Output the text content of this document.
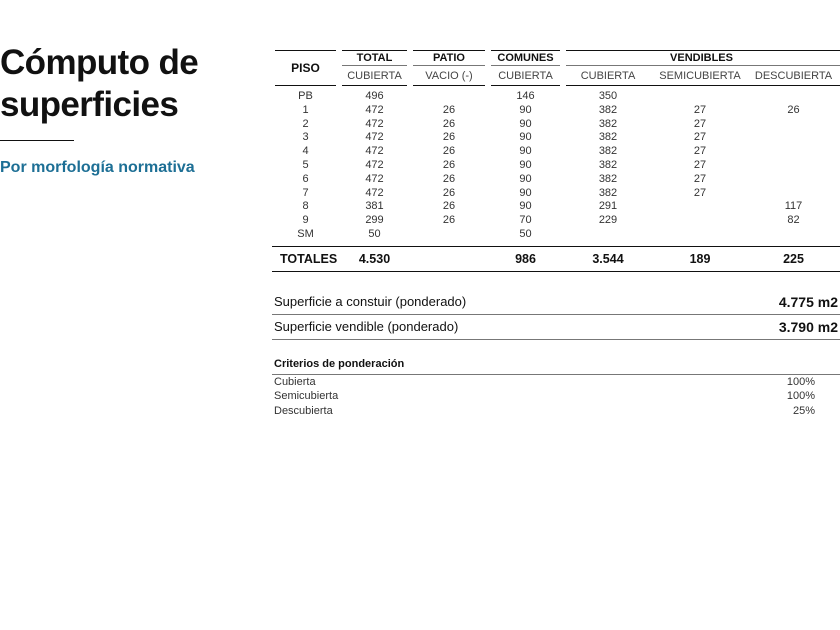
Cómputo de
superficies
Por morfología normativa
PISO	TOTAL	PATIO	COMUNES	VENDIBLES		
	CUBIERTA	VACIO (-)	CUBIERTA	CUBIERTA	SEMICUBIERTA	DESCUBIERTA
PB	496		146	350		
1	472	26	90	382	27	26
2	472	26	90	382	27	
3	472	26	90	382	27	
4	472	26	90	382	27	
5	472	26	90	382	27	
6	472	26	90	382	27	
7	472	26	90	382	27	
8	381	26	90	291		117
9	299	26	70	229		82
SM	50		50			
TOTALES	4.530		986	3.544	189	225
Superficie a constuir (ponderado)	4.775 m2
Superficie vendible (ponderado)	3.790 m2
Criterios de ponderación
Cubierta	100%
Semicubierta	100%
Descubierta	25%
